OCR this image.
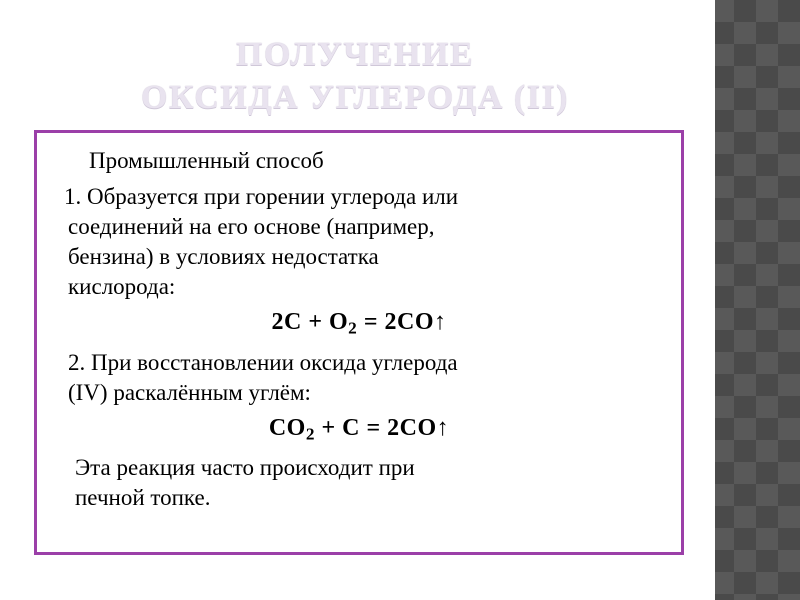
ПОЛУЧЕНИЕ
ОКСИДА УГЛЕРОДА (II)

Промышленный способ

1. Образуется при горении углерода или

соединений на его основе (например,

бензина) в условиях недостатка

кислорода:

$2C + O_2$ = 2CO↑

2. При восстановлении оксида углерода

(IV) раскалённым углём:

$CO_2 + C$ = 2CO↑

Эта реакция часто происходит при

печной топке.
